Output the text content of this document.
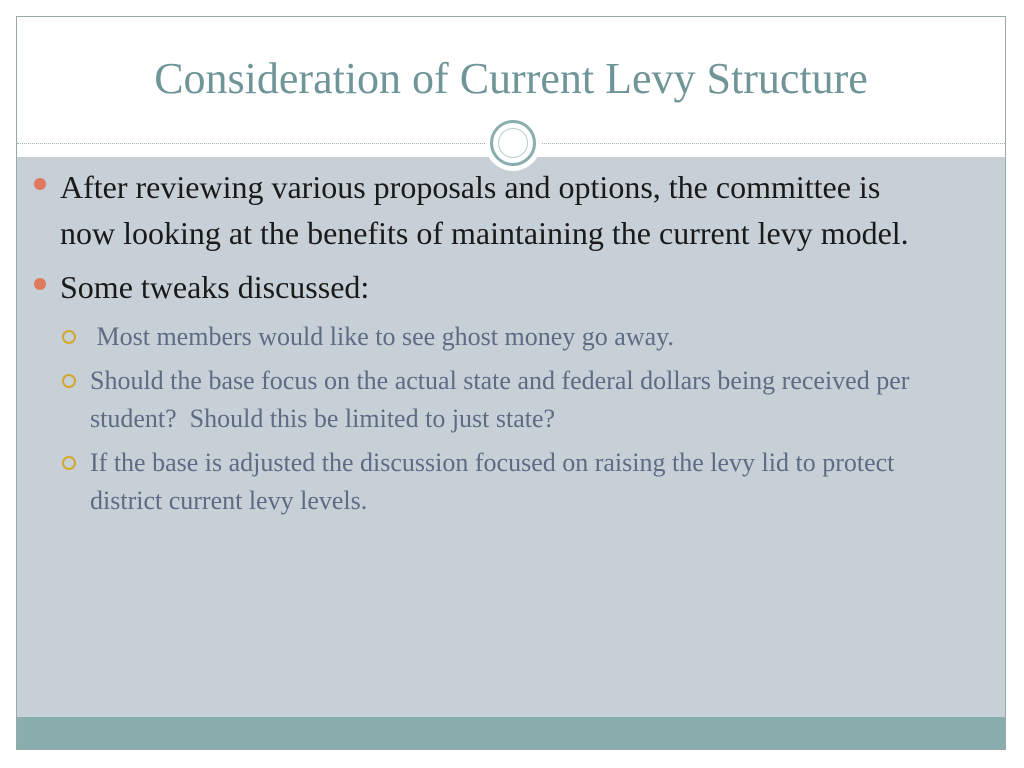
Consideration of Current Levy Structure
After reviewing various proposals and options, the committee is now looking at the benefits of maintaining the current levy model.
Some tweaks discussed:
Most members would like to see ghost money go away.
Should the base focus on the actual state and federal dollars being received per student?  Should this be limited to just state?
If the base is adjusted the discussion focused on raising the levy lid to protect district current levy levels.
